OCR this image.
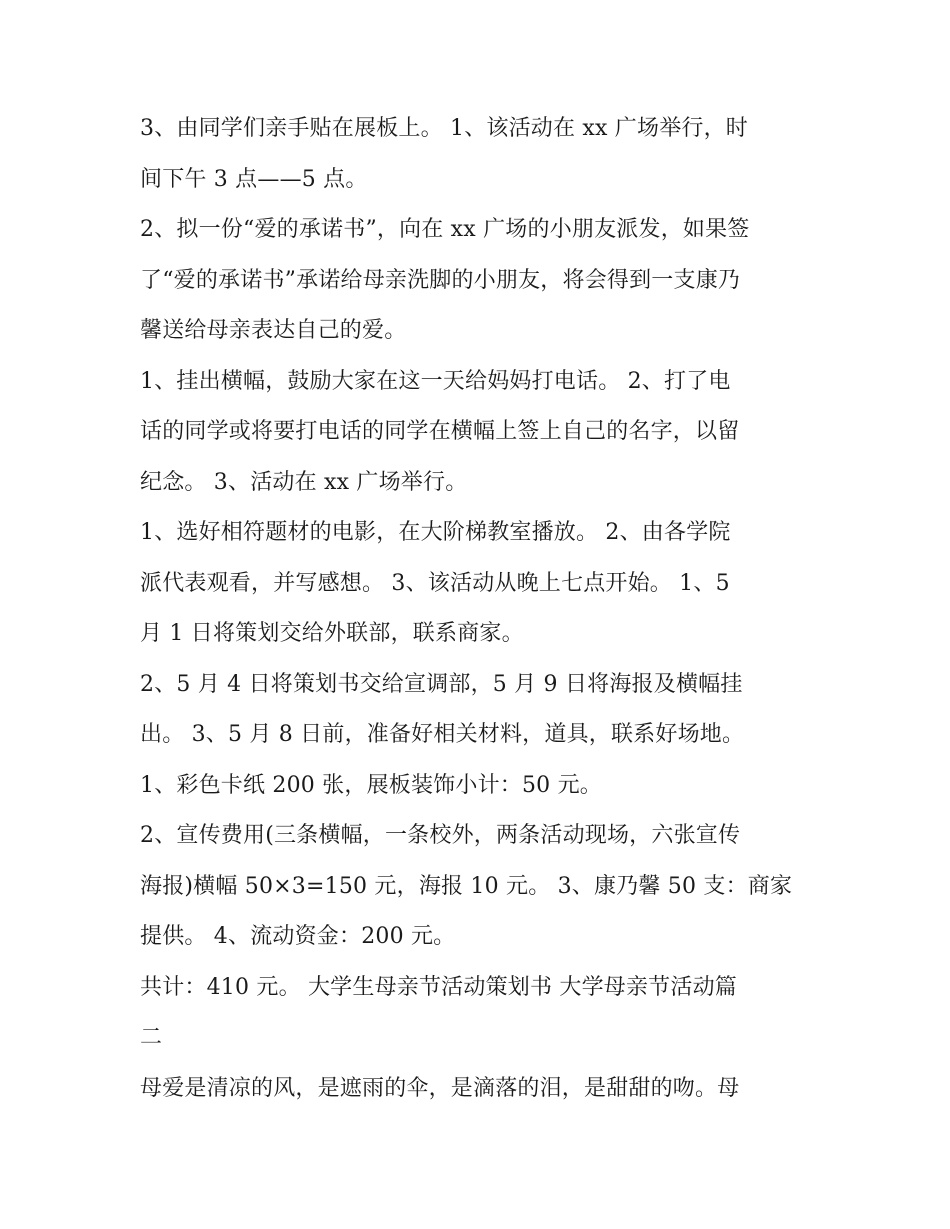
3、由同学们亲手贴在展板上。 1、该活动在 xx 广场举行，时
间下午 3 点——5 点。
2、拟一份“爱的承诺书”，向在 xx 广场的小朋友派发，如果签
了“爱的承诺书”承诺给母亲洗脚的小朋友，将会得到一支康乃
馨送给母亲表达自己的爱。
1、挂出横幅，鼓励大家在这一天给妈妈打电话。 2、打了电
话的同学或将要打电话的同学在横幅上签上自己的名字，以留
纪念。 3、活动在 xx 广场举行。
1、选好相符题材的电影，在大阶梯教室播放。 2、由各学院
派代表观看，并写感想。 3、该活动从晚上七点开始。 1、5
月 1 日将策划交给外联部，联系商家。
2、5 月 4 日将策划书交给宣调部，5 月 9 日将海报及横幅挂
出。 3、5 月 8 日前，准备好相关材料，道具，联系好场地。
1、彩色卡纸 200 张，展板装饰小计：50 元。
2、宣传费用(三条横幅，一条校外，两条活动现场，六张宣传
海报)横幅 50×3=150 元，海报 10 元。 3、康乃馨 50 支：商家
提供。 4、流动资金：200 元。
共计：410 元。 大学生母亲节活动策划书 大学母亲节活动篇
二
母爱是清凉的风，是遮雨的伞，是滴落的泪，是甜甜的吻。母
